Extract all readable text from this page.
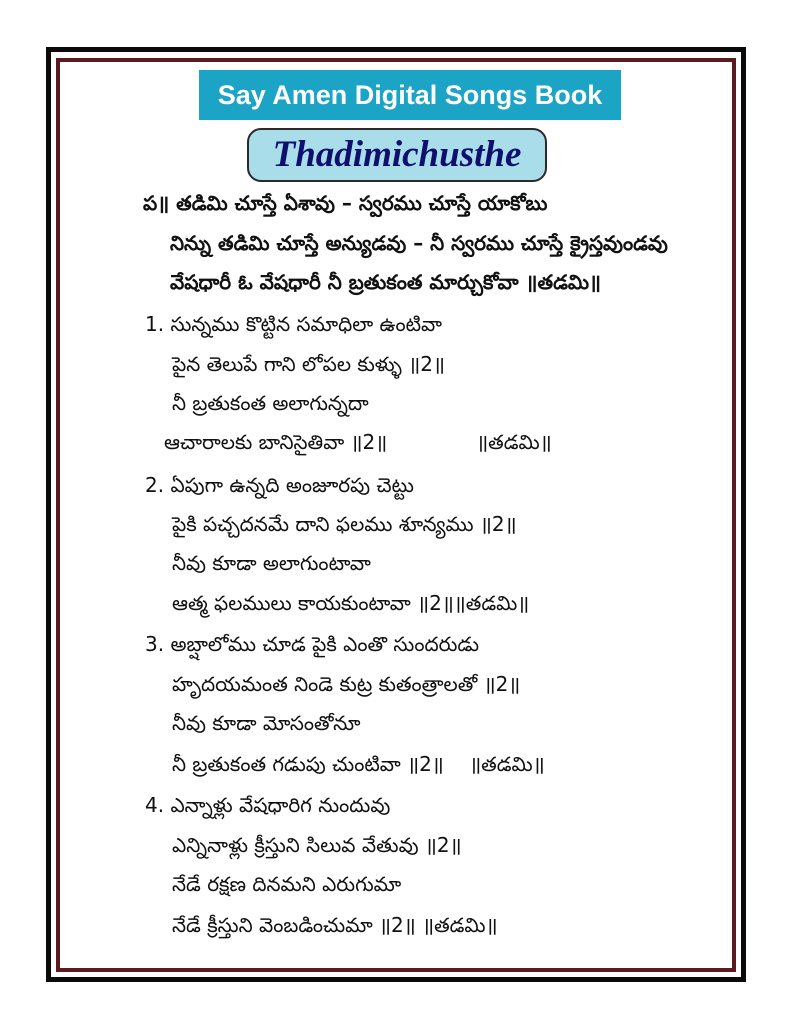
Say Amen Digital Songs Book
Thadimichusthe
ప॥ తడిమి చూస్తే ఏశావు – స్వరము చూస్తే యాకోబు
నిన్ను తడిమి చూస్తే అన్యుడవు – నీ స్వరము చూస్తే క్రైస్తవుండవు
వేషధారీ ఓ వేషధారీ నీ బ్రతుకంత మార్చుకోవా ॥తడమి॥
1. సున్నము కొట్టిన సమాధిలా ఉంటివా
పైన తెలుపే గాని లోపల కుళ్ళు ॥2॥
నీ బ్రతుకంత అలాగున్నదా
ఆచారాలకు బానిసైతివా ॥2॥              ॥తడమి॥
2. ఏపుగా ఉన్నది అంజూరపు చెట్టు
పైకి పచ్చదనమే దాని ఫలము శూన్యము ॥2॥
నీవు కూడా అలాగుంటావా
ఆత్మ ఫలములు కాయకుంటావా ॥2॥॥తడమి॥
3. అబ్షాలోము చూడ పైకి ఎంతొ సుందరుడు
హృదయమంత నిండె కుట్ర కుతంత్రాలతో ॥2॥
నీవు కూడా మోసంతోనూ
నీ బ్రతుకంత గడుపు చుంటివా ॥2॥    ॥తడమి॥
4. ఎన్నాళ్లు వేషధారిగ నుందువు
ఎన్నినాళ్లు క్రీస్తుని సిలువ వేతువు ॥2॥
నేడే రక్షణ దినమని ఎరుగుమా
నేడే క్రీస్తుని వెంబడించుమా ॥2॥ ॥తడమి॥
